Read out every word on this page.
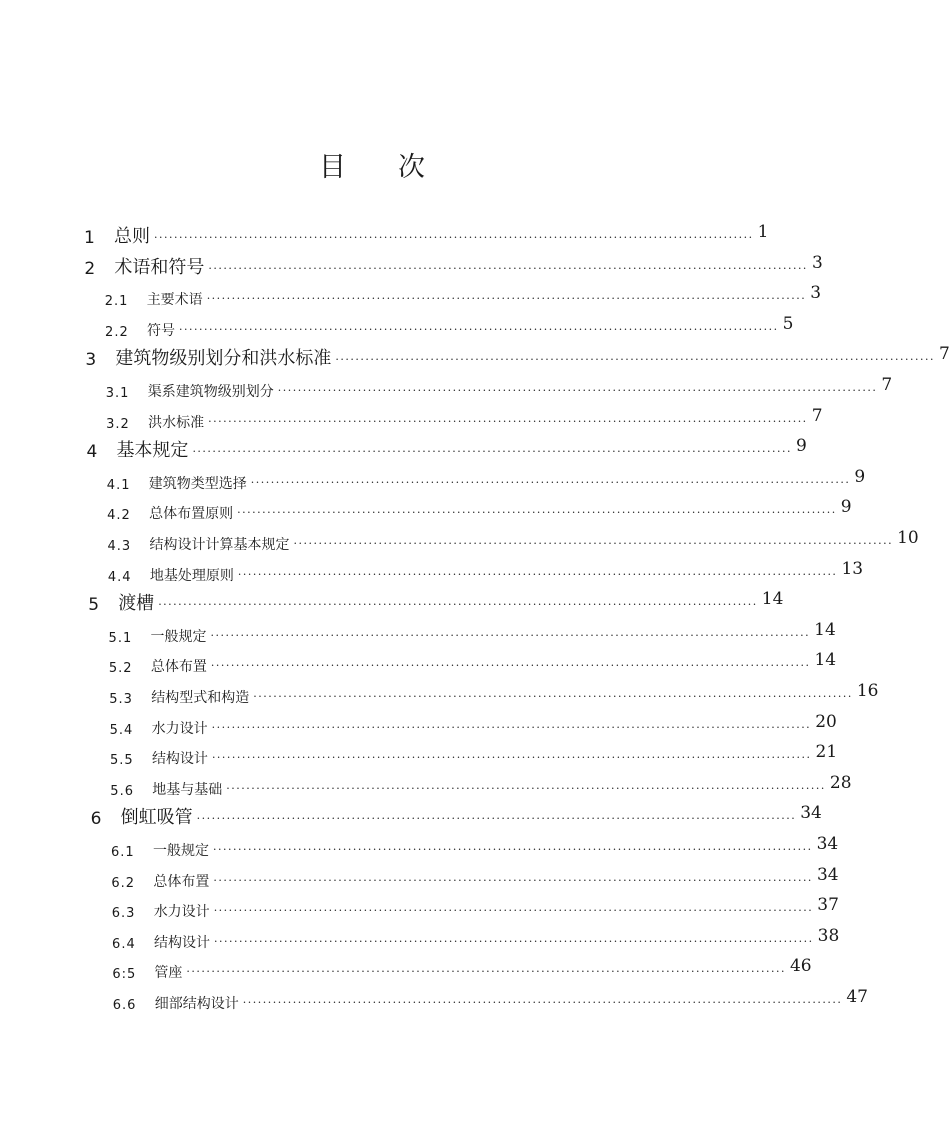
目 次
1	总则 ························································································································ 1
2	术语和符号 ························································································································ 3
2.1	主要术语 ························································································································ 3
2.2	符号 ························································································································ 5
3	建筑物级别划分和洪水标准 ························································································································ 7
3.1	渠系建筑物级别划分 ························································································································ 7
3.2	洪水标准 ························································································································ 7
4	基本规定 ························································································································ 9
4.1	建筑物类型选择 ························································································································ 9
4.2	总体布置原则 ························································································································ 9
4.3	结构设计计算基本规定 ························································································································ 10
4.4	地基处理原则 ························································································································ 13
5	渡槽 ························································································································ 14
5.1	一般规定 ························································································································ 14
5.2	总体布置 ························································································································ 14
5.3	结构型式和构造 ························································································································ 16
5.4	水力设计 ························································································································ 20
5.5	结构设计 ························································································································ 21
5.6	地基与基础 ························································································································ 28
6	倒虹吸管 ························································································································ 34
6.1	一般规定 ························································································································ 34
6.2	总体布置 ························································································································ 34
6.3	水力设计 ························································································································ 37
6.4	结构设计 ························································································································ 38
6:5	管座 ························································································································ 46
6.6	细部结构设计 ························································································································ 47
